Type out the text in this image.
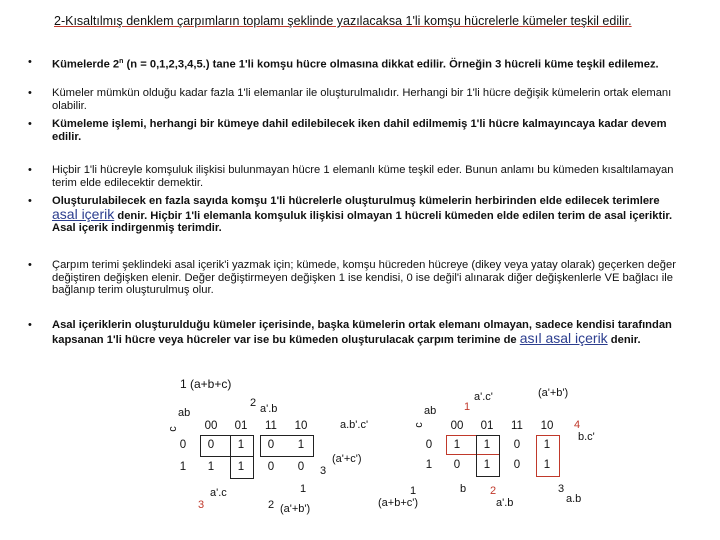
2-Kısaltılmış denklem çarpımların toplamı şeklinde yazılacaksa 1'li komşu hücrelerle kümeler teşkil edilir.
• Kümelerde 2$^n$ (n = 0,1,2,3,4,5.) tane 1'li komşu hücre olmasına dikkat edilir. Örneğin 3 hücreli küme teşkil edilemez.
• Kümeler mümkün olduğu kadar fazla 1'li elemanlar ile oluşturulmalıdır. Herhangi bir 1'li hücre değişik kümelerin ortak elemanı olabilir.
• Kümeleme işlemi, herhangi bir kümeye dahil edilebilecek iken dahil edilmemiş 1'li hücre kalmayıncaya kadar devem edilir.
• Hiçbir 1'li hücreyle komşuluk ilişkisi bulunmayan hücre 1 elemanlı küme teşkil eder. Bunun anlamı bu kümeden kısaltılamayan terim elde edilecektir demektir.
• Oluşturulabilecek en fazla sayıda komşu 1'li hücrelerle oluşturulmuş kümelerin herbirinden elde edilecek terimlere asal içerik denir. Hiçbir 1'li elemanla komşuluk ilişkisi olmayan 1 hücreli kümeden elde edilen terim de asal içeriktir. Asal içerik indirgenmiş terimdir.
• Çarpım terimi şeklindeki asal içerik'i yazmak için; kümede, komşu hücreden hücreye (dikey veya yatay olarak) geçerken değer değiştiren değişken elenir. Değer değiştirmeyen değişken 1 ise kendisi, 0 ise değil'i alınarak diğer değişkenlerle VE bağlacı ile bağlanıp terim oluşturulmuş olur.
• Asal içeriklerin oluşturulduğu kümeler içerisinde, başka kümelerin ortak elemanı olmayan, sadece kendisi tarafından kapsanan 1'li hücre veya hücreler var ise bu kümeden oluşturulacak çarpım terimine de asıl asal içerik denir.
1 (a+b+c)
ab
c	00	01	11	10
0	0	1	0	1
1	1	1	0	0
2 a'.b
a.b'.c'
(a'+c')
3
a'.c
3	2 (a'+b')
1
ab
c	00	01	11	10
0	1	1	0	1
1	0	1	0	1
1
a'.c'	(a'+b')
4
b.c'
1
(a+b+c')
b 2
a'.b
3
a.b
